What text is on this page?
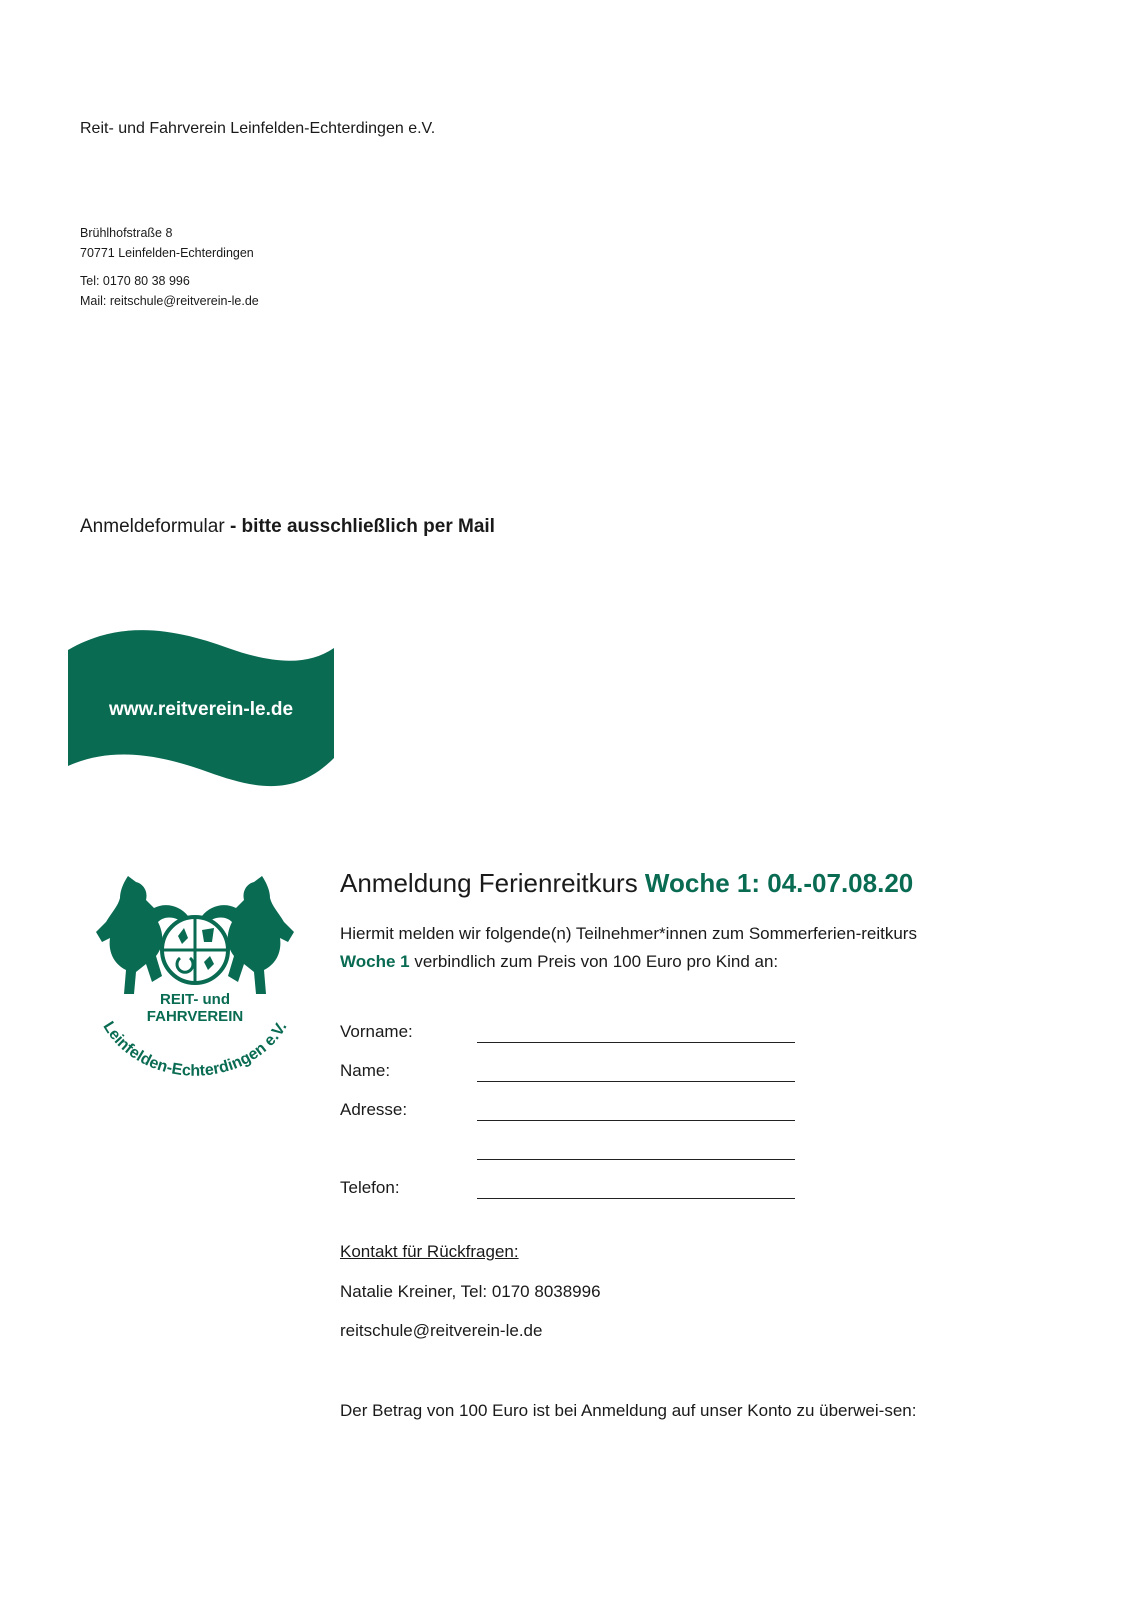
Reit- und Fahrverein Leinfelden-Echterdingen e.V.
Brühlhofstraße 8
70771 Leinfelden-Echterdingen
Tel: 0170 80 38 996
Mail: reitschule@reitverein-le.de
Anmeldeformular - bitte ausschließlich per Mail
www.reitverein-le.de
REIT- und
FAHRVEREIN
Leinfelden-Echterdingen e.V.
Anmeldung Ferienreitkurs Woche 1: 04.-07.08.20
Hiermit melden wir folgende(n) Teilnehmer*innen zum Sommerferien-reitkurs Woche 1 verbindlich zum Preis von 100 Euro pro Kind an:
Vorname:
Name:
Adresse:
Telefon:
Kontakt für Rückfragen:
Natalie Kreiner, Tel: 0170 8038996
reitschule@reitverein-le.de
Der Betrag von 100 Euro ist bei Anmeldung auf unser Konto zu überwei-sen:
